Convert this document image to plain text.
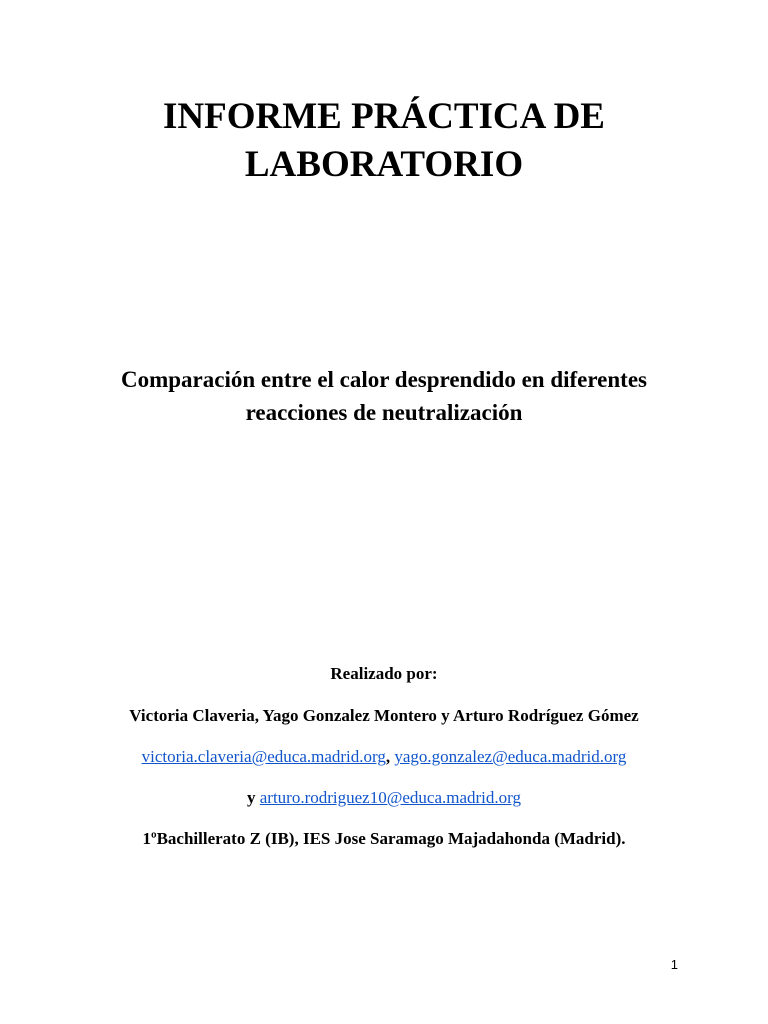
INFORME PRÁCTICA DE
LABORATORIO
Comparación entre el calor desprendido en diferentes
reacciones de neutralización
Realizado por:
Victoria Claveria, Yago Gonzalez Montero y Arturo Rodríguez Gómez
victoria.claveria@educa.madrid.org, yago.gonzalez@educa.madrid.org
y arturo.rodriguez10@educa.madrid.org
1ºBachillerato Z (IB), IES Jose Saramago Majadahonda (Madrid).
1
